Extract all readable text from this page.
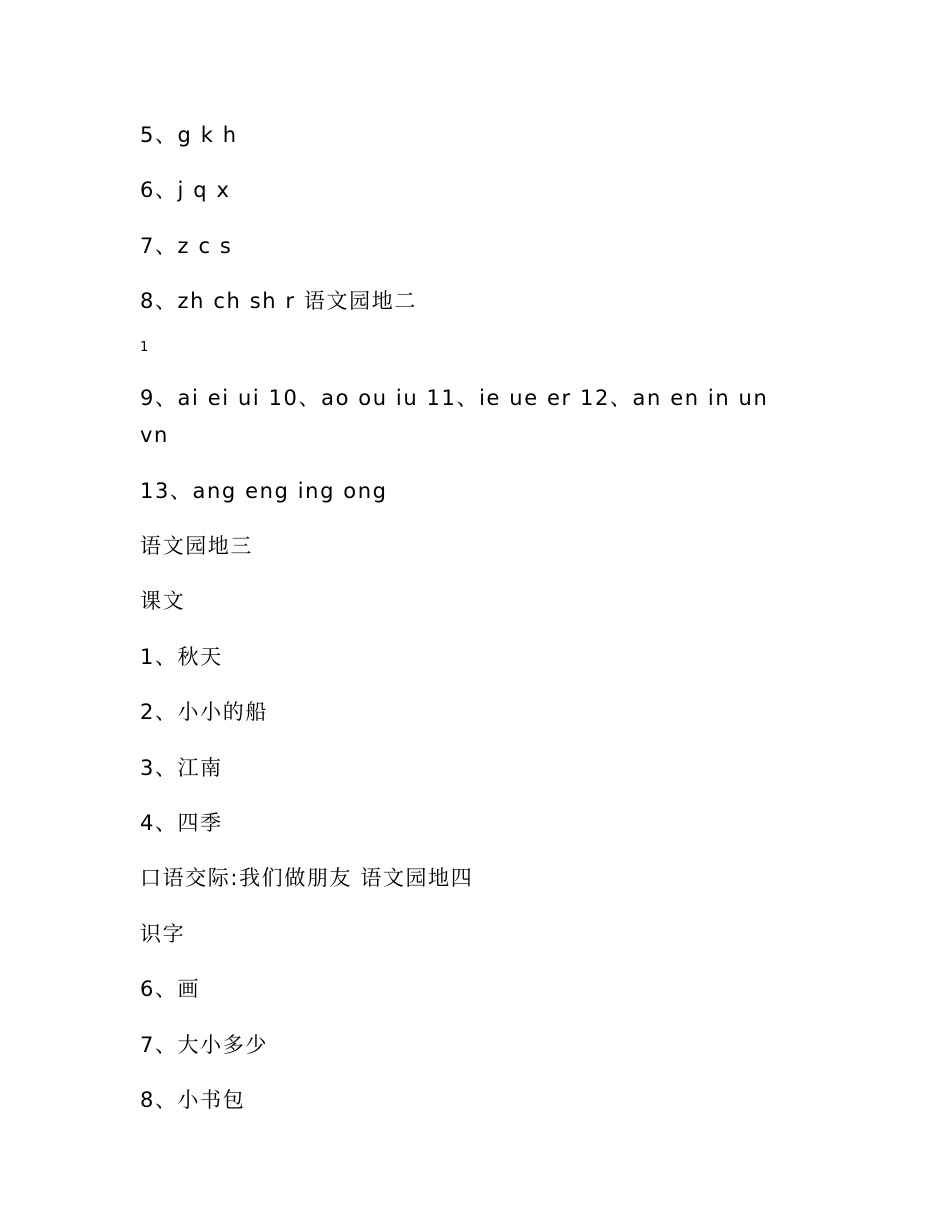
5、g k h
6、j q x
7、z c s
8、zh ch sh r 语文园地二
1
9、ai ei ui 10、ao ou iu 11、ie ue er 12、an en in un vn
13、ang eng ing ong
语文园地三
课文
1、秋天
2、小小的船
3、江南
4、四季
口语交际:我们做朋友 语文园地四
识字
6、画
7、大小多少
8、小书包
